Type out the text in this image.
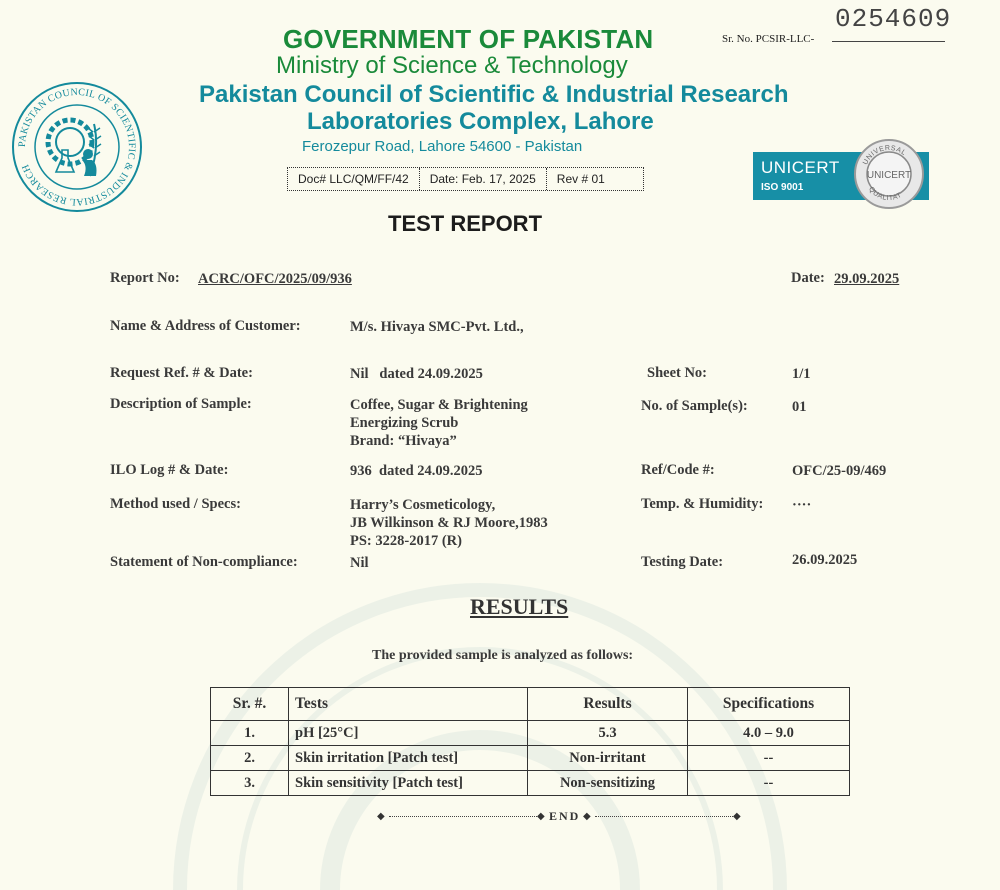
PAKISTAN COUNCIL OF SCIENTIFIC & INDUSTRIAL RESEARCH
GOVERNMENT OF PAKISTAN
Ministry of Science & Technology
Pakistan Council of Scientific & Industrial Research
Laboratories Complex, Lahore
Ferozepur Road, Lahore 54600 - Pakistan
Doc# LLC/QM/FF/42	Date: Feb. 17, 2025	Rev # 01
Sr. No. PCSIR-LLC-
0254609
UNICERT
ISO 9001
UNIVERSAL
QUALITAT
UNICERT
TEST REPORT
Report No: ACRC/OFC/2025/09/936	Date: 29.09.2025
Name & Address of Customer:	M/s. Hivaya SMC-Pvt. Ltd.,
Request Ref. # & Date:	Nil   dated 24.09.2025	Sheet No:	1/1
Description of Sample:	Coffee, Sugar & Brightening
Energizing Scrub
Brand: “Hivaya”
No. of Sample(s):	01
ILO Log # & Date:	936  dated 24.09.2025	Ref/Code #:	OFC/25-09/469
Method used / Specs:	Harry’s Cosmeticology,
JB Wilkinson & RJ Moore,1983
PS: 3228-2017 (R)
Temp. & Humidity: ····
Statement of Non-compliance:	Nil	Testing Date:	26.09.2025
RESULTS
The provided sample is analyzed as follows:
Sr. #.	Tests	Results	Specifications
1.	pH [25°C]	5.3	4.0 – 9.0
2.	Skin irritation [Patch test]	Non-irritant	--
3.	Skin sensitivity [Patch test]	Non-sensitizing	--
◆	◆ END ◆	◆
